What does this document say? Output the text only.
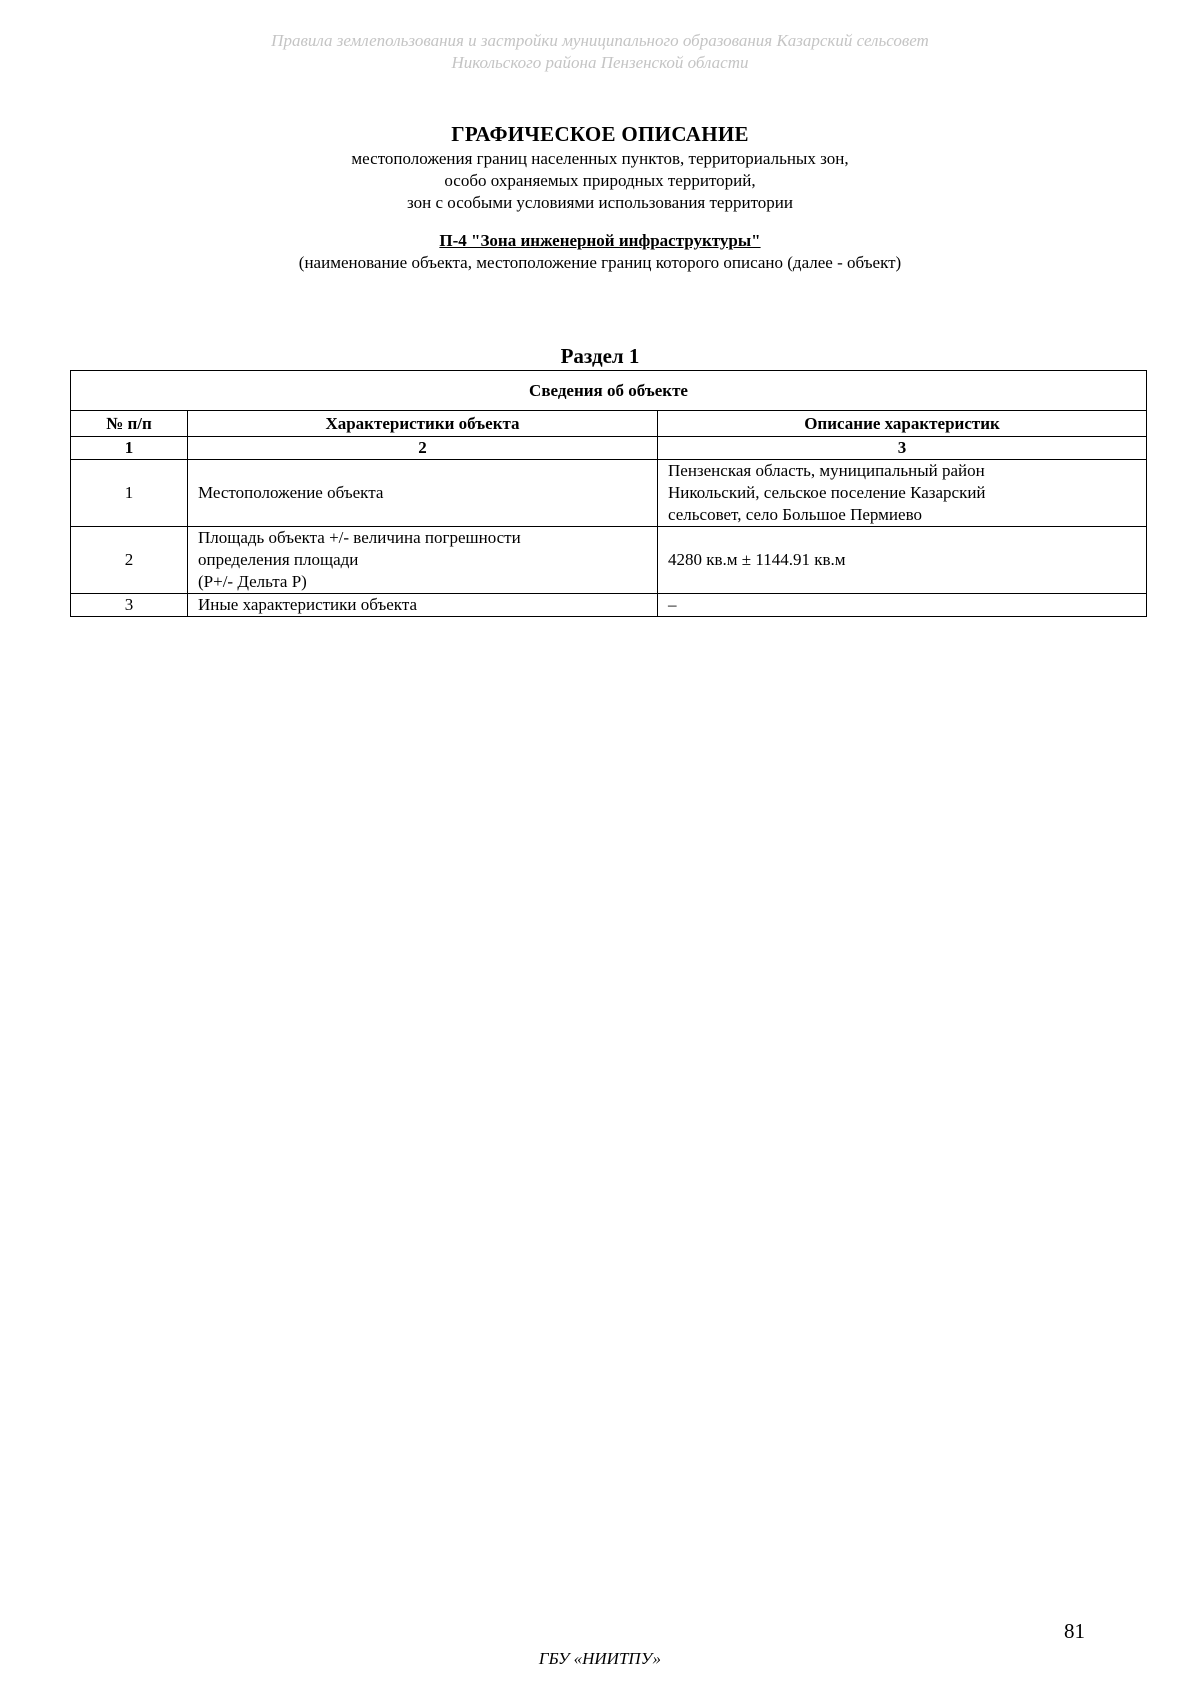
Правила землепользования и застройки муниципального образования Казарский сельсовет
Никольского района Пензенской области
ГРАФИЧЕСКОЕ ОПИСАНИЕ
местоположения границ населенных пунктов, территориальных зон,
особо охраняемых природных территорий,
зон с особыми условиями использования территории
П-4 "Зона инженерной инфраструктуры"
(наименование объекта, местоположение границ которого описано (далее - объект)
Раздел 1
Сведения об объекте		
№ п/п	Характеристики объекта	Описание характеристик
1	2	3
1	Местоположение объекта	Пензенская область, муниципальный район
Никольский, сельское поселение Казарский
сельсовет, село Большое Пермиево

2	Площадь объекта +/- величина погрешности
определения площади
(P+/- Дельта P)	4280 кв.м ± 1144.91 кв.м

3	Иные характеристики объекта	–
81
ГБУ «НИИТПУ»
